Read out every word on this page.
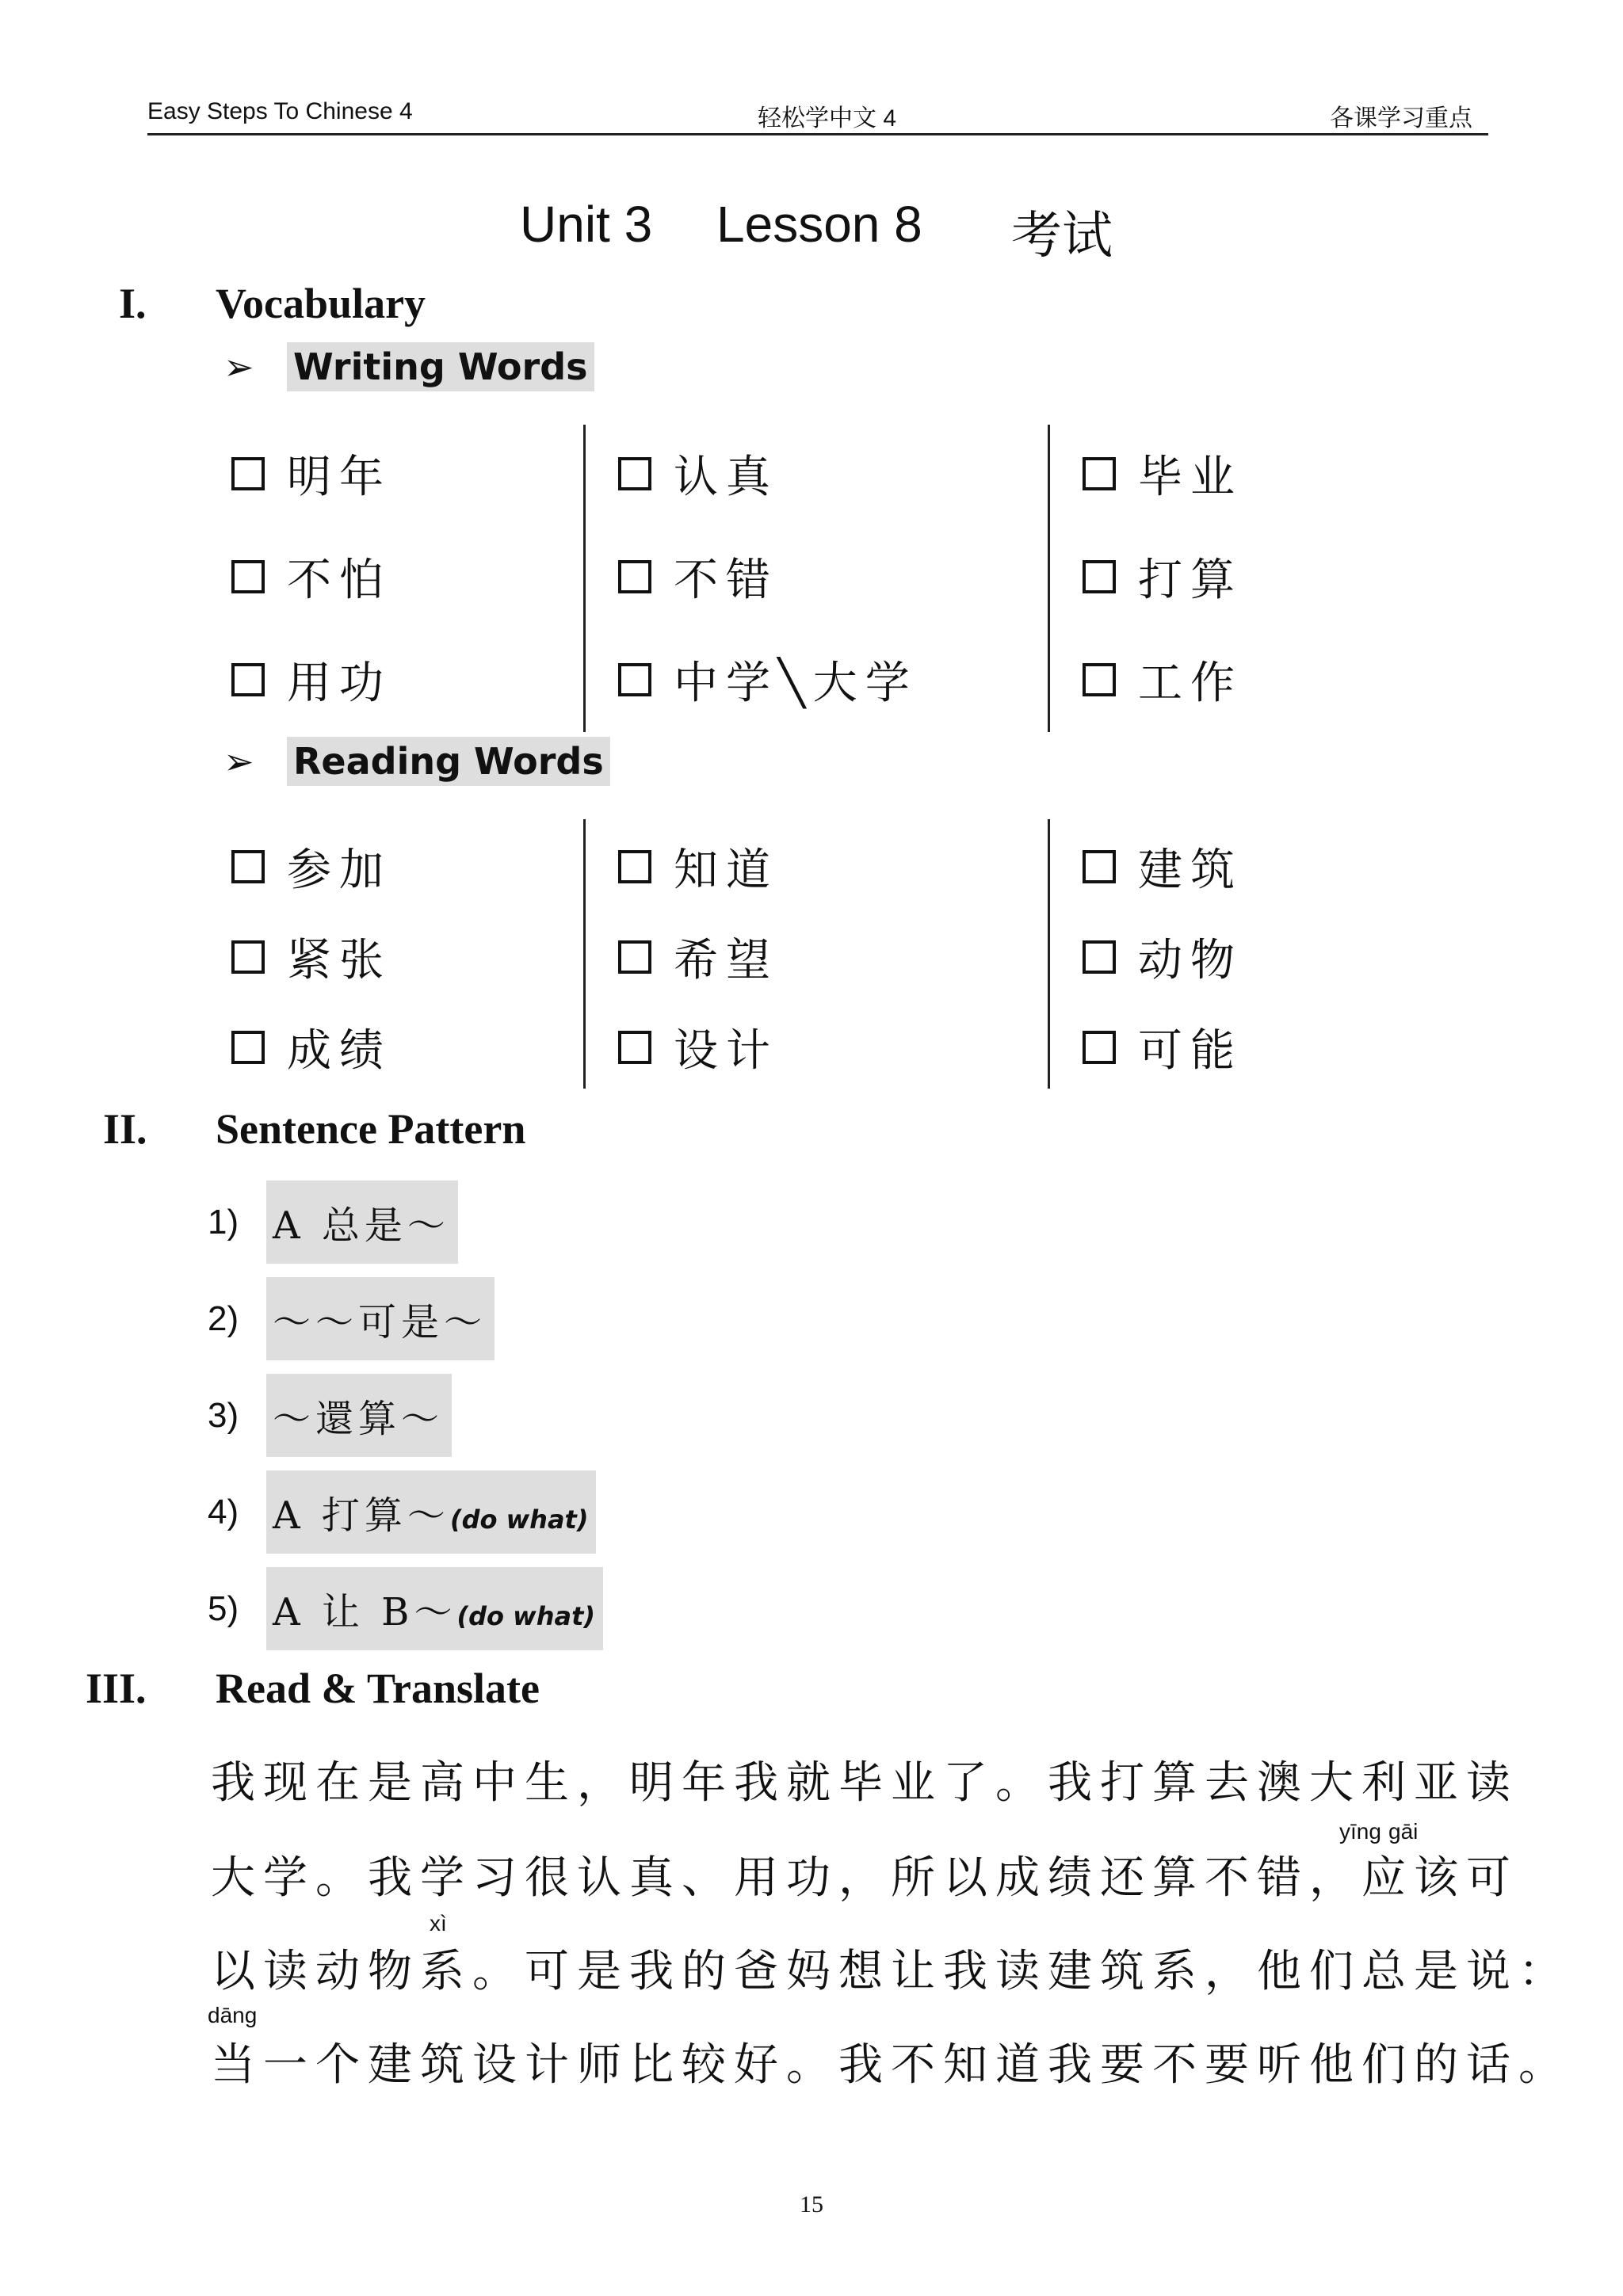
Easy Steps To Chinese 4	轻松学中文 4	各课学习重点
Unit 3 Lesson 8 考试
I. Vocabulary
➢ Writing Words
明年	认真	毕业
不怕	不错	打算
用功	中学╲大学	工作
➢ Reading Words
参加	知道	建筑
紧张	希望	动物
成绩	设计	可能
II. Sentence Pattern
1) A 总是～
2) ～～可是～
3) ～還算～
4) A 打算～(do what)
5) A 让 B～(do what)
III. Read & Translate
我现在是高中生，明年我就毕业了。我打算去澳大利亚读
yīng gāi
大学。我学习很认真、用功，所以成绩还算不错，应该可
xì
以读动物系。可是我的爸妈想让我读建筑系，他们总是说：
dāng
当一个建筑设计师比较好。我不知道我要不要听他们的话。
15
